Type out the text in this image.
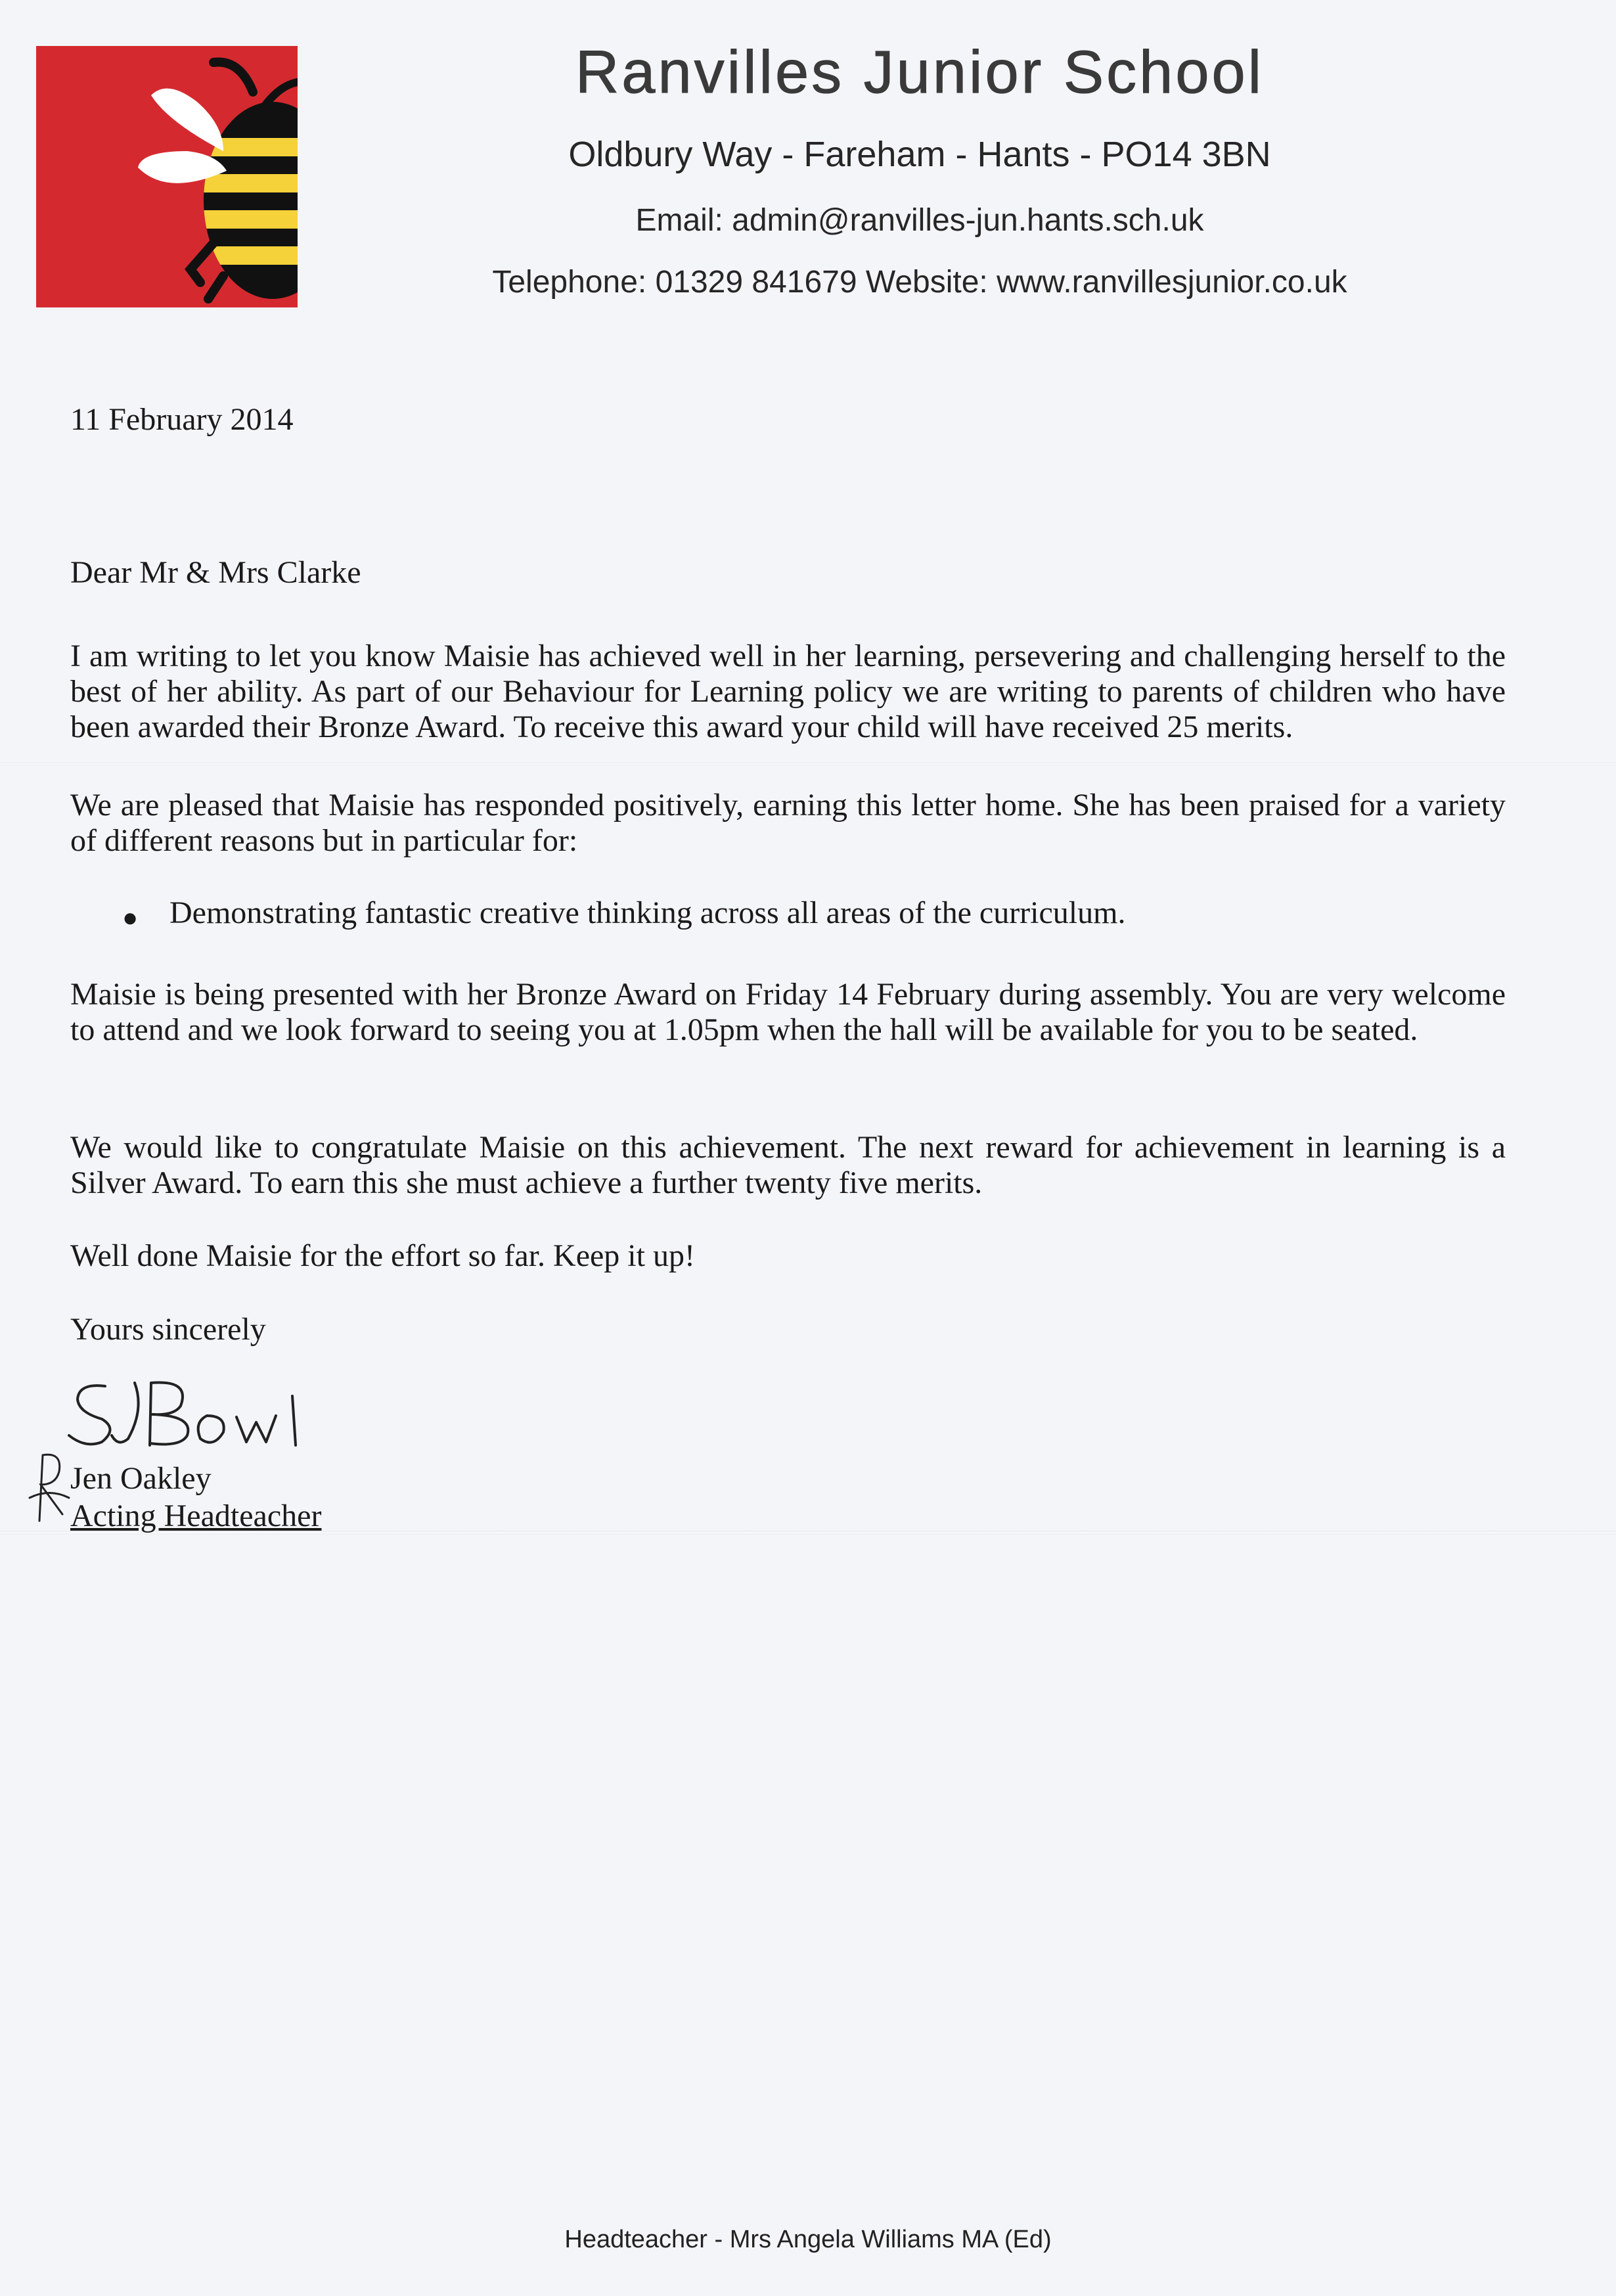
Ranvilles Junior School
Oldbury Way - Fareham - Hants - PO14 3BN
Email: admin@ranvilles-jun.hants.sch.uk
Telephone: 01329 841679 Website: www.ranvillesjunior.co.uk
11 February 2014
Dear Mr & Mrs Clarke
I am writing to let you know Maisie has achieved well in her learning, persevering and challenging herself to the best of her ability. As part of our Behaviour for Learning policy we are writing to parents of children who have been awarded their Bronze Award. To receive this award your child will have received 25 merits.
We are pleased that Maisie has responded positively, earning this letter home. She has been praised for a variety of different reasons but in particular for:
● Demonstrating fantastic creative thinking across all areas of the curriculum.
Maisie is being presented with her Bronze Award on Friday 14 February during assembly. You are very welcome to attend and we look forward to seeing you at 1.05pm when the hall will be available for you to be seated.
We would like to congratulate Maisie on this achievement. The next reward for achievement in learning is a Silver Award. To earn this she must achieve a further twenty five merits.
Well done Maisie for the effort so far. Keep it up!
Yours sincerely
Jen Oakley
Acting Headteacher
Headteacher - Mrs Angela Williams MA (Ed)
